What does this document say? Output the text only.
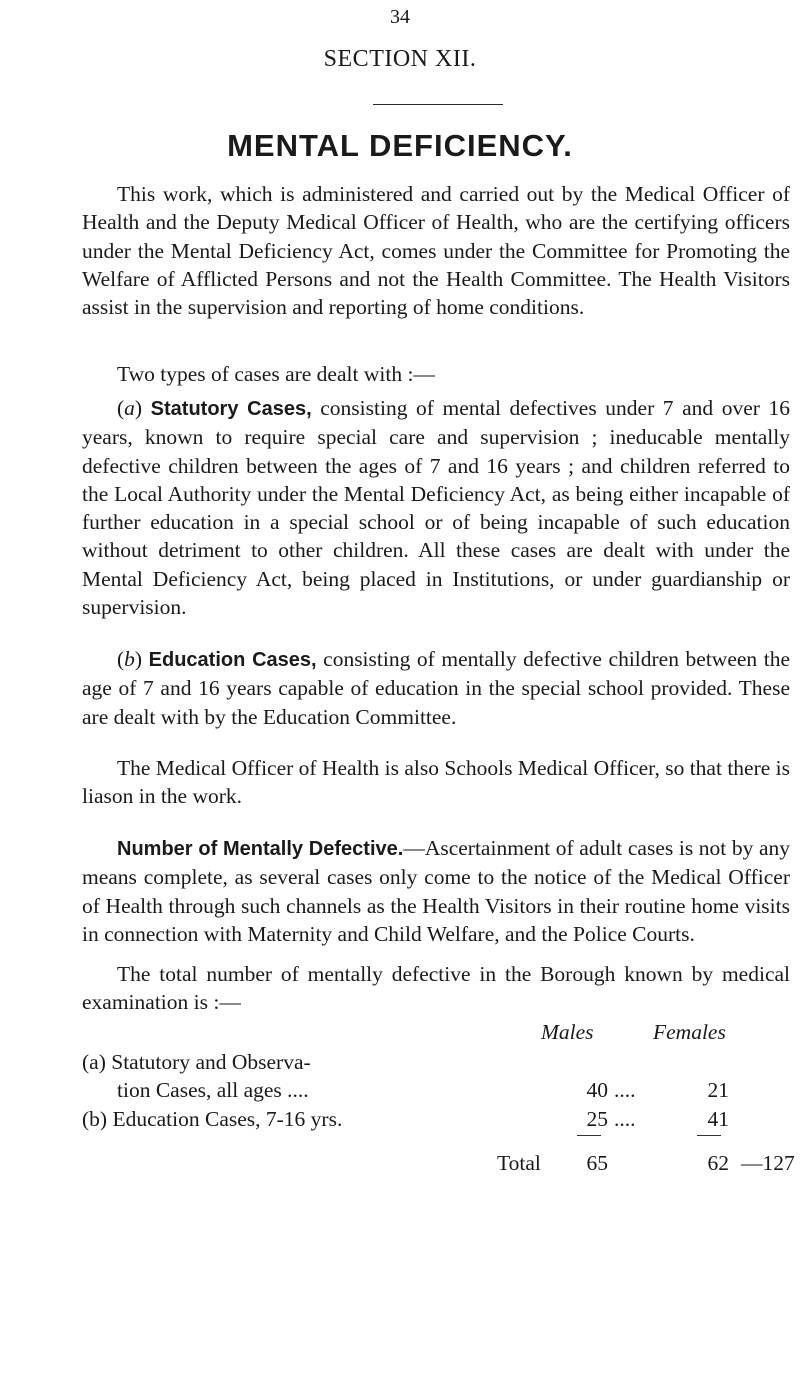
34
SECTION XII.
MENTAL DEFICIENCY.

This work, which is administered and carried out by the Medical Officer of Health and the Deputy Medical Officer of Health, who are the certifying officers under the Mental Deficiency Act, comes under the Committee for Promoting the Welfare of Afflicted Persons and not the Health Committee. The Health Visitors assist in the supervision and reporting of home conditions.

Two types of cases are dealt with :—

(a) Statutory Cases, consisting of mental defectives under 7 and over 16 years, known to require special care and supervision ; ineducable mentally defective children between the ages of 7 and 16 years ; and children referred to the Local Authority under the Mental Deficiency Act, as being either incapable of further education in a special school or of being incapable of such education without detriment to other children. All these cases are dealt with under the Mental Deficiency Act, being placed in Institutions, or under guardianship or supervision.

(b) Education Cases, consisting of mentally defective children between the age of 7 and 16 years capable of education in the special school provided. These are dealt with by the Education Committee.

The Medical Officer of Health is also Schools Medical Officer, so that there is liason in the work.

Number of Mentally Defective.—Ascertainment of adult cases is not by any means complete, as several cases only come to the notice of the Medical Officer of Health through such channels as the Health Visitors in their routine home visits in connection with Maternity and Child Welfare, and the Police Courts.

The total number of mentally defective in the Borough known by medical examination is :—

Males	Females
(a) Statutory and Observa-
tion Cases, all ages ....	40 ....	21
(b) Education Cases, 7-16 yrs.	25 ....	41
Total	65	62 —127
